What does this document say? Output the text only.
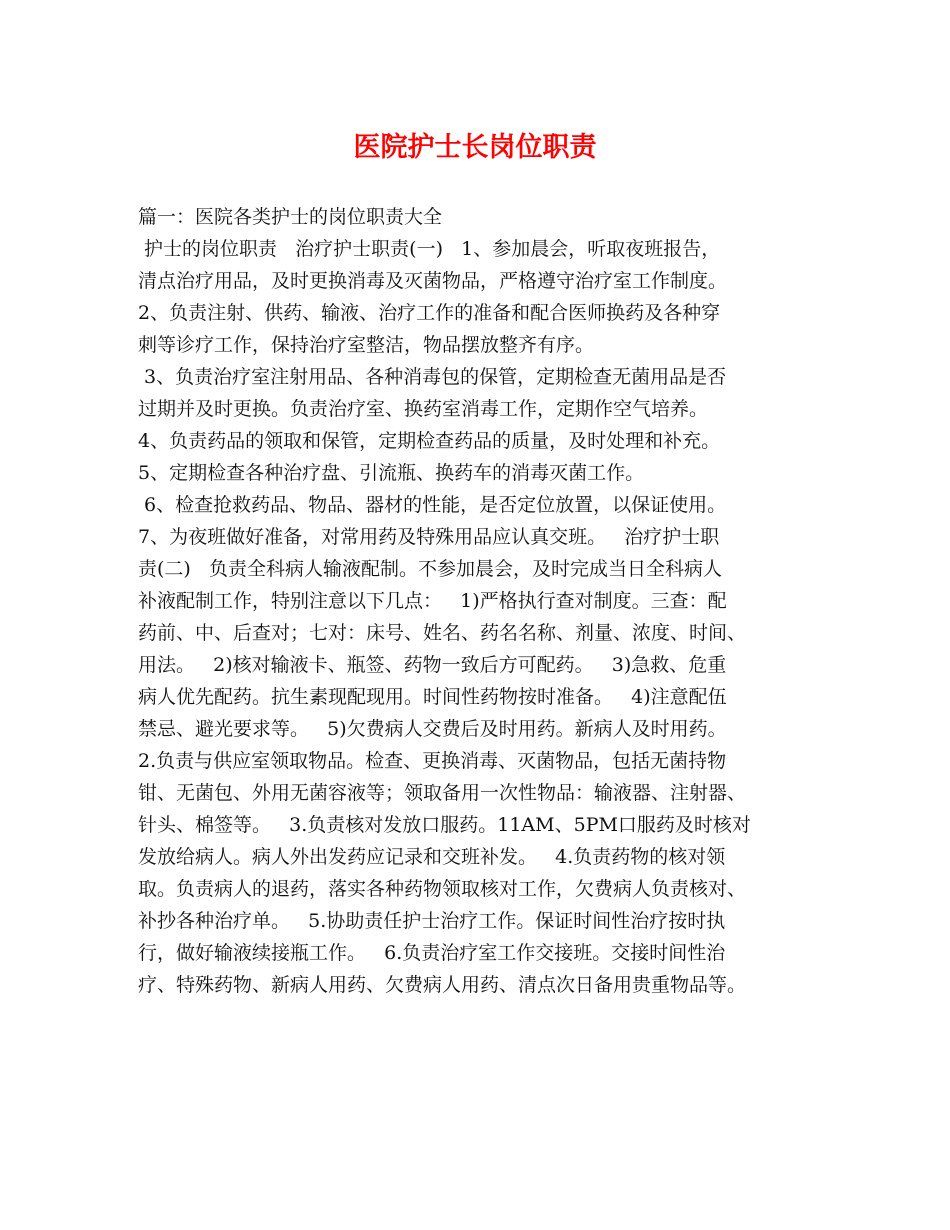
医院护士长岗位职责
篇一：医院各类护士的岗位职责大全
护士的岗位职责   治疗护士职责(一)   1、参加晨会，听取夜班报告，
清点治疗用品，及时更换消毒及灭菌物品，严格遵守治疗室工作制度。
2、负责注射、供药、输液、治疗工作的准备和配合医师换药及各种穿
刺等诊疗工作，保持治疗室整洁，物品摆放整齐有序。
3、负责治疗室注射用品、各种消毒包的保管，定期检查无菌用品是否
过期并及时更换。负责治疗室、换药室消毒工作，定期作空气培养。
4、负责药品的领取和保管，定期检查药品的质量，及时处理和补充。
5、定期检查各种治疗盘、引流瓶、换药车的消毒灭菌工作。
6、检查抢救药品、物品、器材的性能，是否定位放置，以保证使用。
7、为夜班做好准备，对常用药及特殊用品应认真交班。   治疗护士职
责(二)   负责全科病人输液配制。不参加晨会，及时完成当日全科病人
补液配制工作，特别注意以下几点：   1)严格执行查对制度。三查：配
药前、中、后查对；七对：床号、姓名、药名名称、剂量、浓度、时间、
用法。   2)核对输液卡、瓶签、药物一致后方可配药。   3)急救、危重
病人优先配药。抗生素现配现用。时间性药物按时准备。   4)注意配伍
禁忌、避光要求等。   5)欠费病人交费后及时用药。新病人及时用药。
2.负责与供应室领取物品。检查、更换消毒、灭菌物品，包括无菌持物
钳、无菌包、外用无菌容液等；领取备用一次性物品：输液器、注射器、
针头、棉签等。   3.负责核对发放口服药。11AM、5PM口服药及时核对
发放给病人。病人外出发药应记录和交班补发。   4.负责药物的核对领
取。负责病人的退药，落实各种药物领取核对工作，欠费病人负责核对、
补抄各种治疗单。   5.协助责任护士治疗工作。保证时间性治疗按时执
行，做好输液续接瓶工作。   6.负责治疗室工作交接班。交接时间性治
疗、特殊药物、新病人用药、欠费病人用药、清点次日备用贵重物品等。
